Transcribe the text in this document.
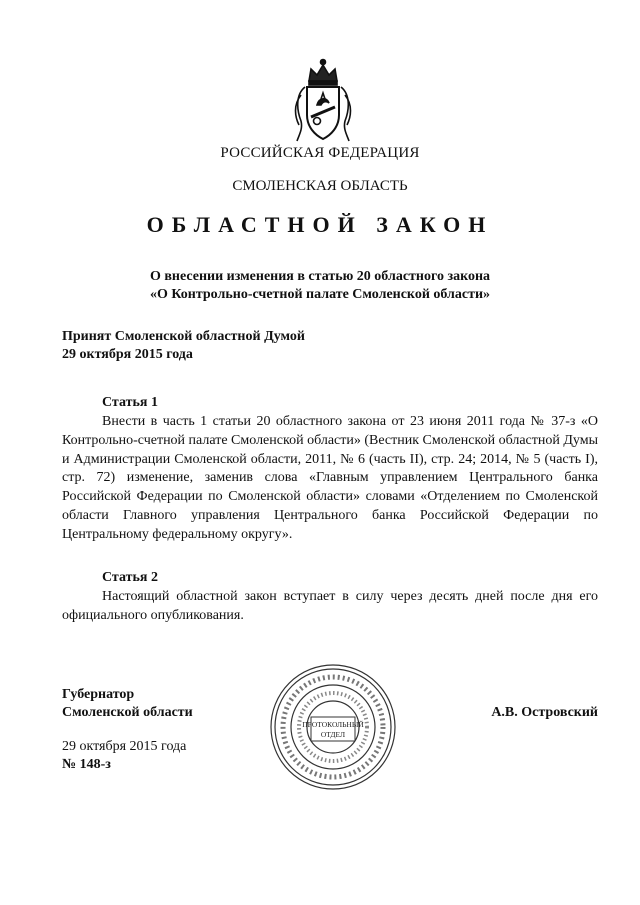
РОССИЙСКАЯ ФЕДЕРАЦИЯ
СМОЛЕНСКАЯ ОБЛАСТЬ
ОБЛАСТНОЙ ЗАКОН
О внесении изменения в статью 20 областного закона
«О Контрольно-счетной палате Смоленской области»
Принят Смоленской областной Думой
29 октября 2015 года
Статья 1
Внести в часть 1 статьи 20 областного закона от 23 июня 2011 года № 37-з «О Контрольно-счетной палате Смоленской области» (Вестник Смоленской областной Думы и Администрации Смоленской области, 2011, № 6 (часть II), стр. 24; 2014, № 5 (часть I), стр. 72) изменение, заменив слова «Главным управлением Центрального банка Российской Федерации по Смоленской области» словами «Отделением по Смоленской области Главного управления Центрального банка Российской Федерации по Центральному федеральному округу».
Статья 2
Настоящий областной закон вступает в силу через десять дней после дня его официального опубликования.
Губернатор
Смоленской области	А.В. Островский
29 октября 2015 года
№ 148-з
ПРОТОКОЛЬНЫЙ
ОТДЕЛ
